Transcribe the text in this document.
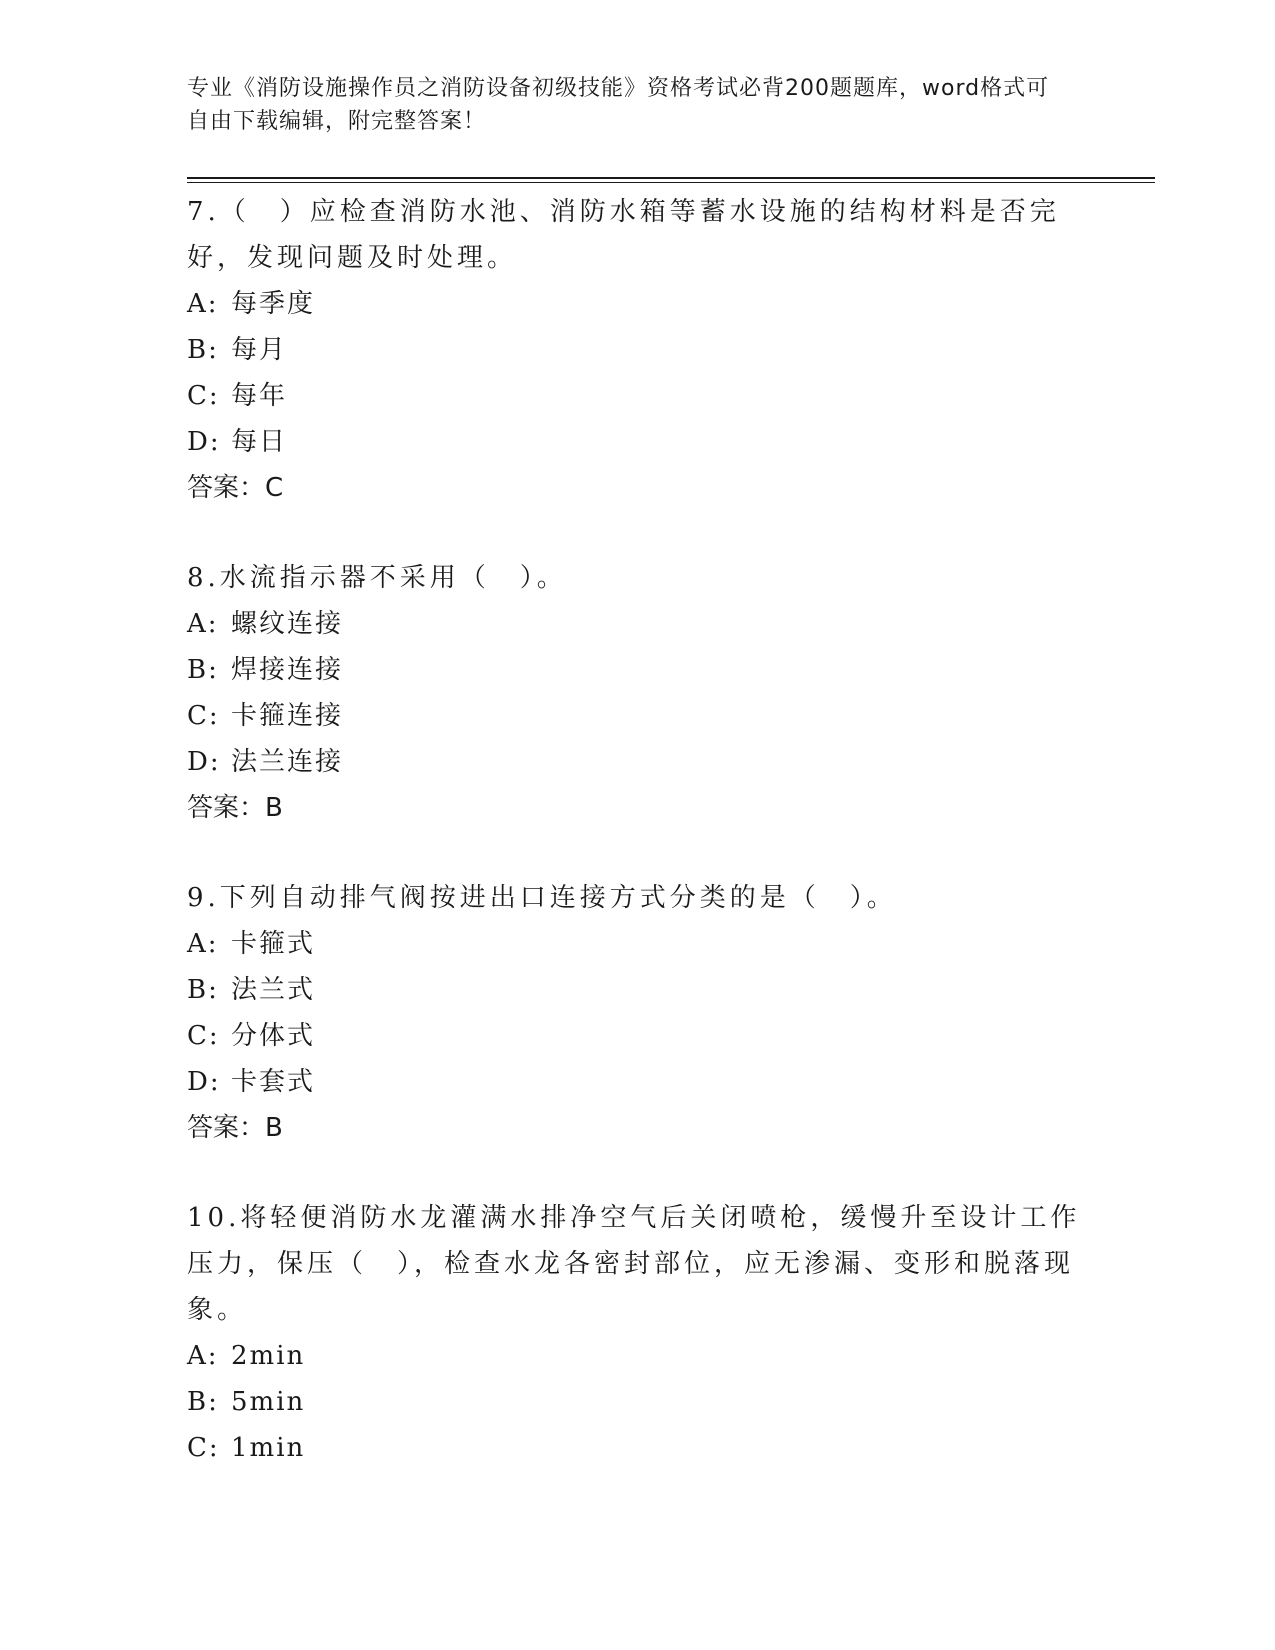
专业《消防设施操作员之消防设备初级技能》资格考试必背200题题库，word格式可自由下载编辑，附完整答案！
7.（　）应检查消防水池、消防水箱等蓄水设施的结构材料是否完好，发现问题及时处理。
A: 每季度
B: 每月
C: 每年
D: 每日
答案：C
8.水流指示器不采用（　）。
A: 螺纹连接
B: 焊接连接
C: 卡箍连接
D: 法兰连接
答案：B
9.下列自动排气阀按进出口连接方式分类的是（　）。
A: 卡箍式
B: 法兰式
C: 分体式
D: 卡套式
答案：B
10.将轻便消防水龙灌满水排净空气后关闭喷枪，缓慢升至设计工作压力，保压（　），检查水龙各密封部位，应无渗漏、变形和脱落现象。
A: 2min
B: 5min
C: 1min
